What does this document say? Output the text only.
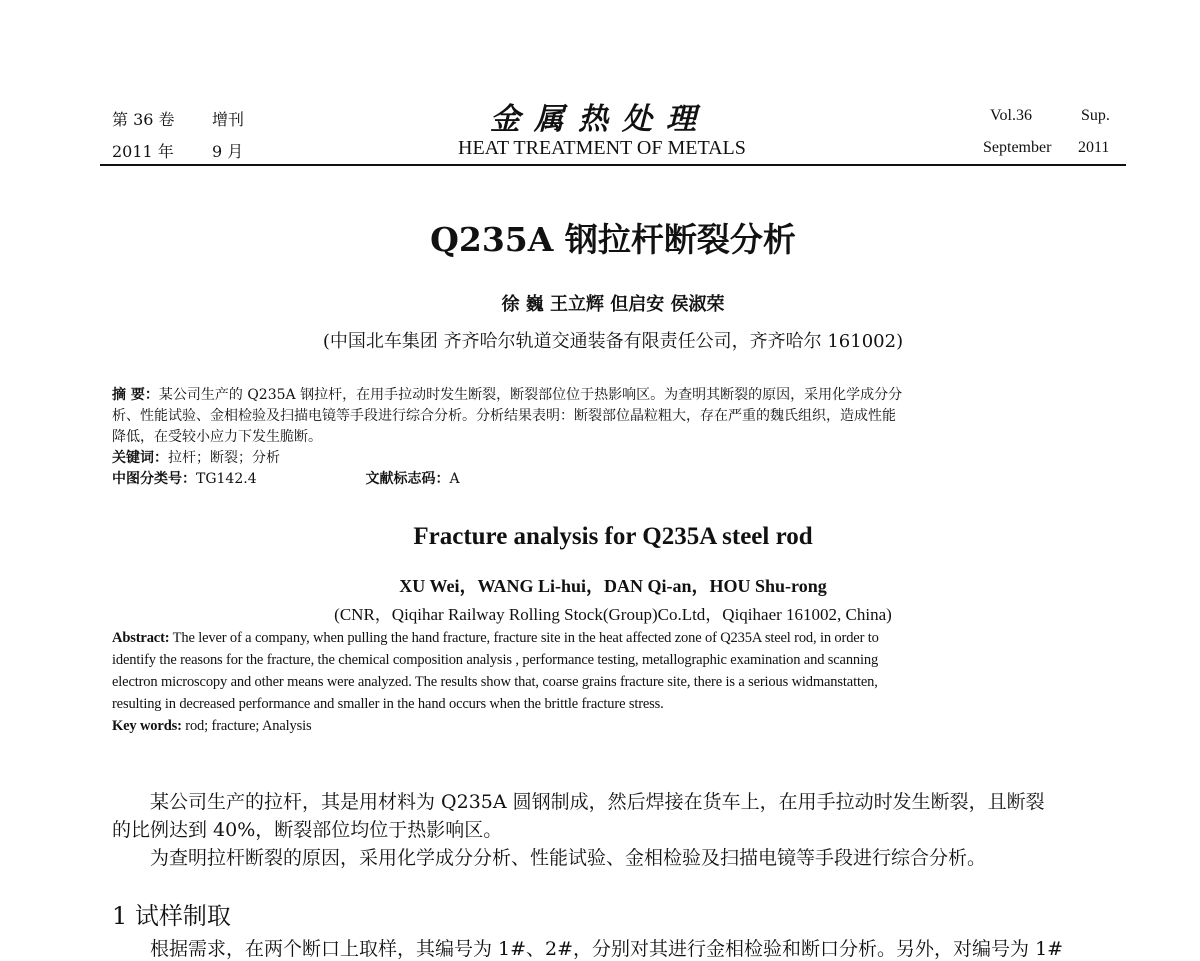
第 36 卷 增刊
2011 年 9 月
金属热处理
HEAT TREATMENT OF METALS
Vol.36	Sup.
September 2011
Q235A 钢拉杆断裂分析
徐 巍 王立辉 但启安 侯淑荣
(中国北车集团 齐齐哈尔轨道交通装备有限责任公司，齐齐哈尔 161002)
摘 要：某公司生产的 Q235A 钢拉杆，在用手拉动时发生断裂，断裂部位位于热影响区。为查明其断裂的原因，采用化学成分分
析、性能试验、金相检验及扫描电镜等手段进行综合分析。分析结果表明：断裂部位晶粒粗大，存在严重的魏氏组织，造成性能
降低，在受较小应力下发生脆断。
关键词：拉杆；断裂；分析
中图分类号：TG142.4	文献标志码：A
Fracture analysis for Q235A steel rod
XU Wei，WANG Li-hui，DAN Qi-an，HOU Shu-rong
(CNR，Qiqihar Railway Rolling Stock(Group)Co.Ltd，Qiqihaer 161002, China)
Abstract: The lever of a company, when pulling the hand fracture, fracture site in the heat affected zone of Q235A steel rod, in order to
identify the reasons for the fracture, the chemical composition analysis , performance testing, metallographic examination and scanning
electron microscopy and other means were analyzed. The results show that, coarse grains fracture site, there is a serious widmanstatten,
resulting in decreased performance and smaller in the hand occurs when the brittle fracture stress.
Key words: rod; fracture; Analysis
某公司生产的拉杆，其是用材料为 Q235A 圆钢制成，然后焊接在货车上，在用手拉动时发生断裂，且断裂
的比例达到 40%，断裂部位均位于热影响区。
为查明拉杆断裂的原因，采用化学成分分析、性能试验、金相检验及扫描电镜等手段进行综合分析。
1 试样制取
根据需求，在两个断口上取样，其编号为 1#、2#，分别对其进行金相检验和断口分析。另外，对编号为 1#
